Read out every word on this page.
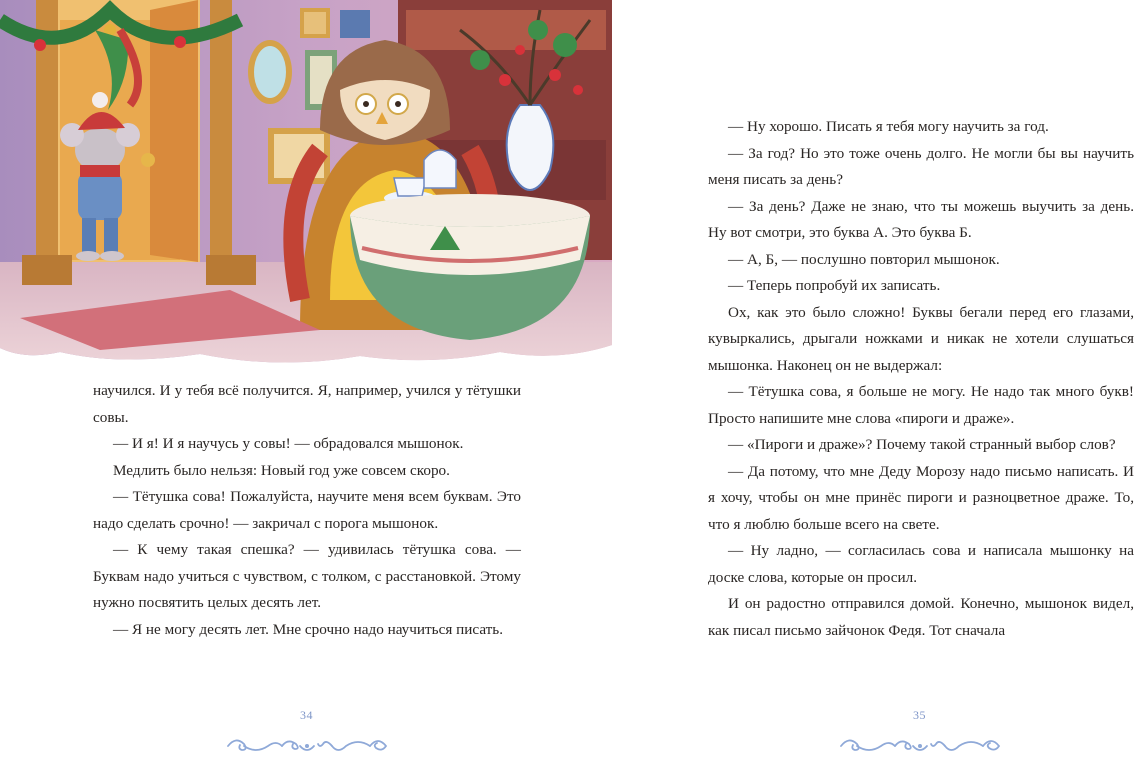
научился. И у тебя всё получится. Я, например, учился у тётушки совы.

— И я! И я научусь у совы! — обрадовался мышонок.

Медлить было нельзя: Новый год уже совсем скоро.

— Тётушка сова! Пожалуйста, научите меня всем буквам. Это надо сделать срочно! — закричал с порога мышонок.

— К чему такая спешка? — удивилась тётушка сова. — Буквам надо учиться с чувством, с толком, с расстановкой. Этому нужно посвятить целых десять лет.

— Я не могу десять лет. Мне срочно надо научиться писать.

34

— Ну хорошо. Писать я тебя могу научить за год.

— За год? Но это тоже очень долго. Не могли бы вы научить меня писать за день?

— За день? Даже не знаю, что ты можешь выучить за день. Ну вот смотри, это буква А. Это буква Б.

— А, Б, — послушно повторил мышонок.

— Теперь попробуй их записать.

Ох, как это было сложно! Буквы бегали перед его глазами, кувыркались, дрыгали ножками и никак не хотели слушаться мышонка. Наконец он не выдержал:

— Тётушка сова, я больше не могу. Не надо так много букв! Просто напишите мне слова «пироги и драже».

— «Пироги и драже»? Почему такой странный выбор слов?

— Да потому, что мне Деду Морозу надо письмо написать. И я хочу, чтобы он мне принёс пироги и разноцветное драже. То, что я люблю больше всего на свете.

— Ну ладно, — согласилась сова и написала мышонку на доске слова, которые он просил.

И он радостно отправился домой. Конечно, мышонок видел, как писал письмо зайчонок Федя. Тот сначала

35
